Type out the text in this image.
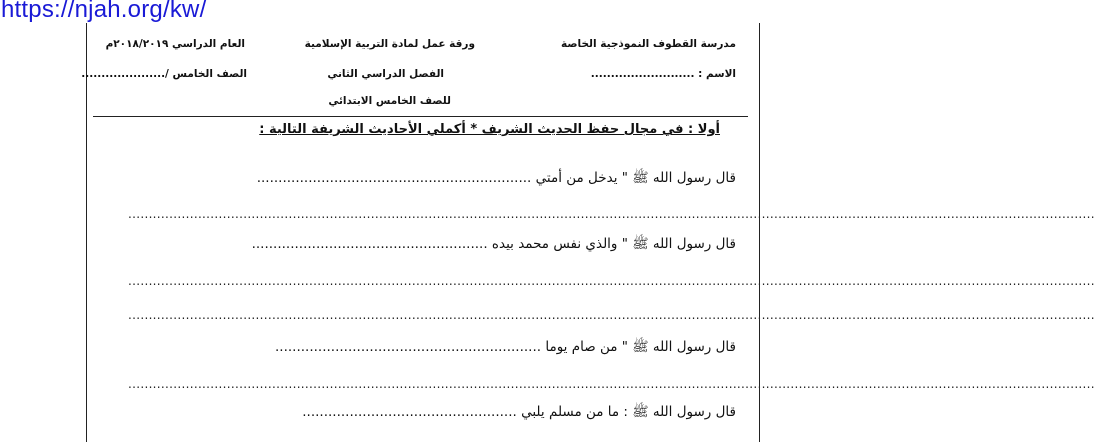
https://njah.org/kw/
مدرسة القطوف النموذجية الخاصة
ورقة عمل لمادة التربية الإسلامية
العام الدراسي ٢٠١٨/٢٠١٩م
الاسم : ..........................
الفصل الدراسي الثاني
الصف الخامس /.....................
للصف الخامس الابتدائي
أولا : في مجال حفظ الحديث الشريف * أكملي الأحاديث الشريفة التالية :
قال رسول الله ﷺ " يدخل من أمتي ................................................................
...........................................................................................................................................................................................................................................
قال رسول الله ﷺ " والذي نفس محمد بيده .......................................................
...........................................................................................................................................................................................................................................
...........................................................................................................................................................................................................................................
قال رسول الله ﷺ " من صام يوما ..............................................................
...........................................................................................................................................................................................................................................
قال رسول الله ﷺ : ما من مسلم يلبي ..................................................
